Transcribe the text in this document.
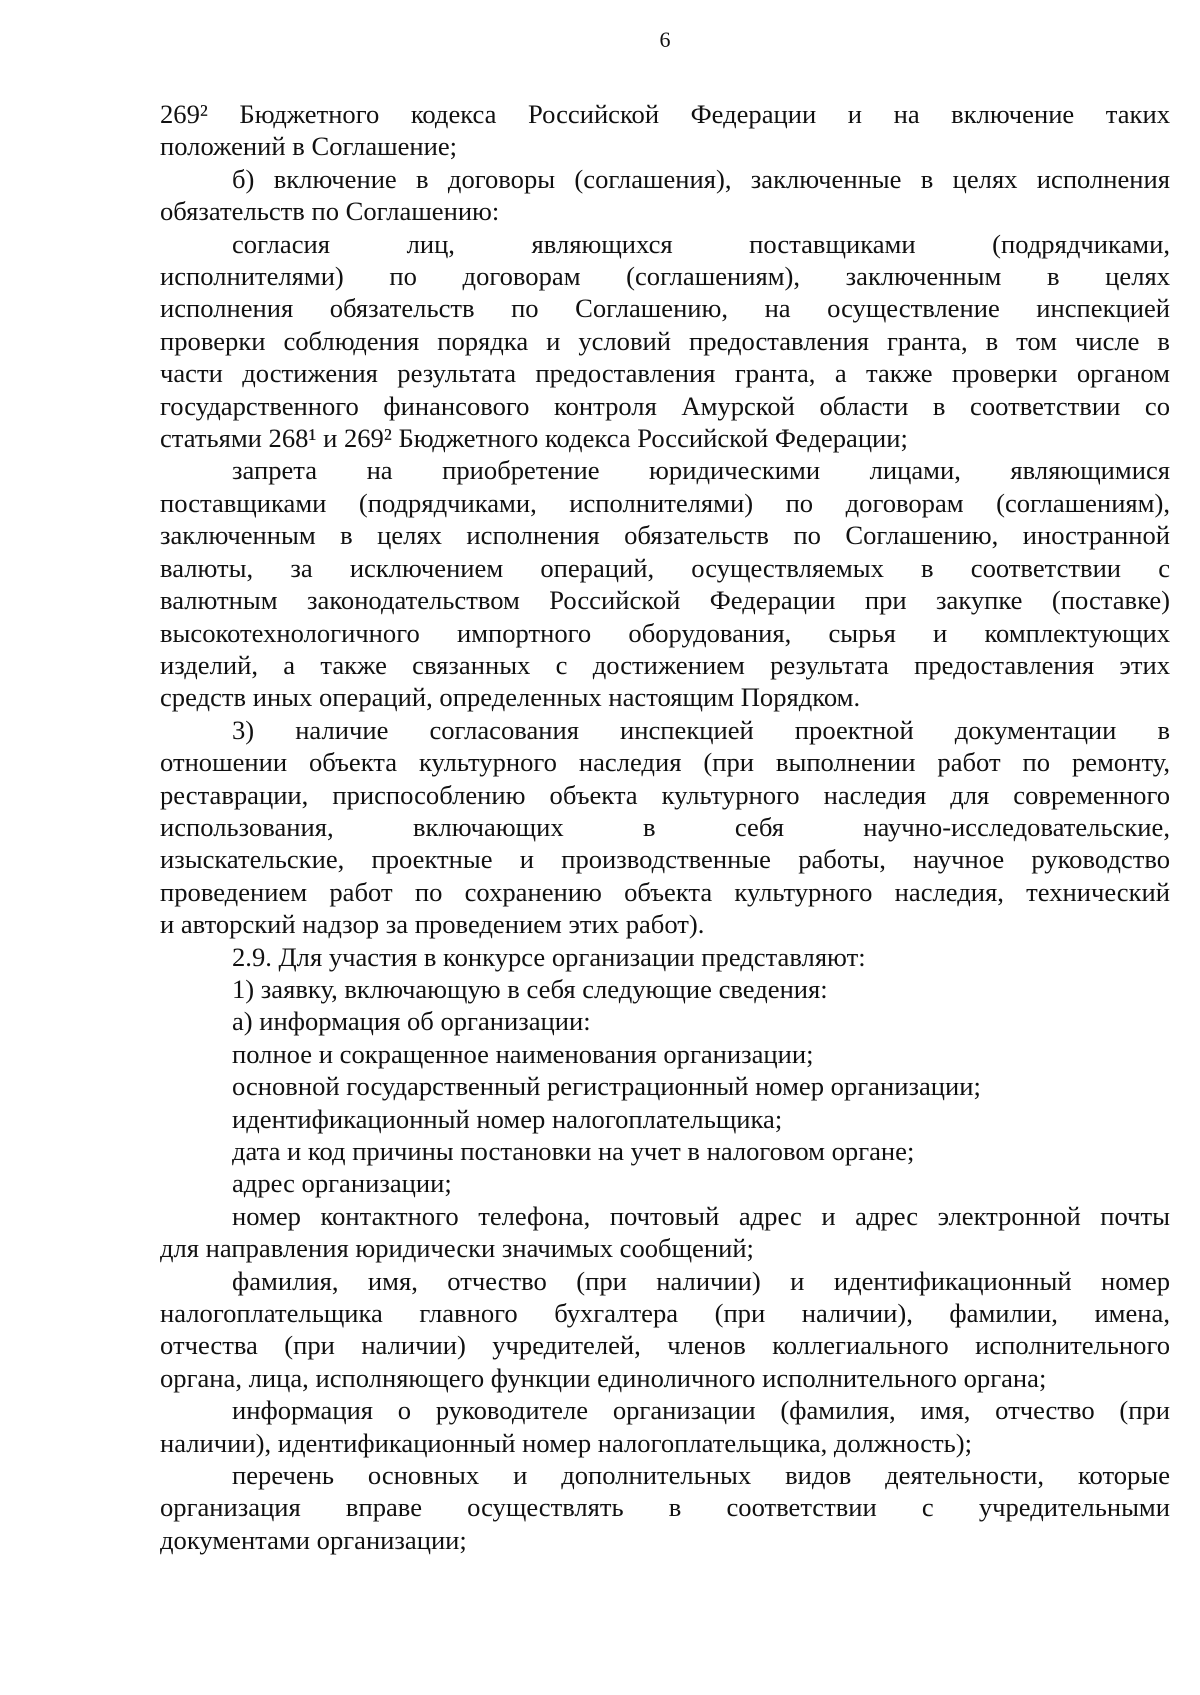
6
269² Бюджетного кодекса Российской Федерации и на включение таких
положений в Соглашение;
б) включение в договоры (соглашения), заключенные в целях исполнения
обязательств по Соглашению:
согласия лиц, являющихся поставщиками (подрядчиками,
исполнителями) по договорам (соглашениям), заключенным в целях
исполнения обязательств по Соглашению, на осуществление инспекцией
проверки соблюдения порядка и условий предоставления гранта, в том числе в
части достижения результата предоставления гранта, а также проверки органом
государственного финансового контроля Амурской области в соответствии со
статьями 268¹ и 269² Бюджетного кодекса Российской Федерации;
запрета на приобретение юридическими лицами, являющимися
поставщиками (подрядчиками, исполнителями) по договорам (соглашениям),
заключенным в целях исполнения обязательств по Соглашению, иностранной
валюты, за исключением операций, осуществляемых в соответствии с
валютным законодательством Российской Федерации при закупке (поставке)
высокотехнологичного импортного оборудования, сырья и комплектующих
изделий, а также связанных с достижением результата предоставления этих
средств иных операций, определенных настоящим Порядком.
3) наличие согласования инспекцией проектной документации в
отношении объекта культурного наследия (при выполнении работ по ремонту,
реставрации, приспособлению объекта культурного наследия для современного
использования, включающих в себя научно-исследовательские,
изыскательские, проектные и производственные работы, научное руководство
проведением работ по сохранению объекта культурного наследия, технический
и авторский надзор за проведением этих работ).
2.9. Для участия в конкурсе организации представляют:
1) заявку, включающую в себя следующие сведения:
а) информация об организации:
полное и сокращенное наименования организации;
основной государственный регистрационный номер организации;
идентификационный номер налогоплательщика;
дата и код причины постановки на учет в налоговом органе;
адрес организации;
номер контактного телефона, почтовый адрес и адрес электронной почты
для направления юридически значимых сообщений;
фамилия, имя, отчество (при наличии) и идентификационный номер
налогоплательщика главного бухгалтера (при наличии), фамилии, имена,
отчества (при наличии) учредителей, членов коллегиального исполнительного
органа, лица, исполняющего функции единоличного исполнительного органа;
информация о руководителе организации (фамилия, имя, отчество (при
наличии), идентификационный номер налогоплательщика, должность);
перечень основных и дополнительных видов деятельности, которые
организация вправе осуществлять в соответствии с учредительными
документами организации;
